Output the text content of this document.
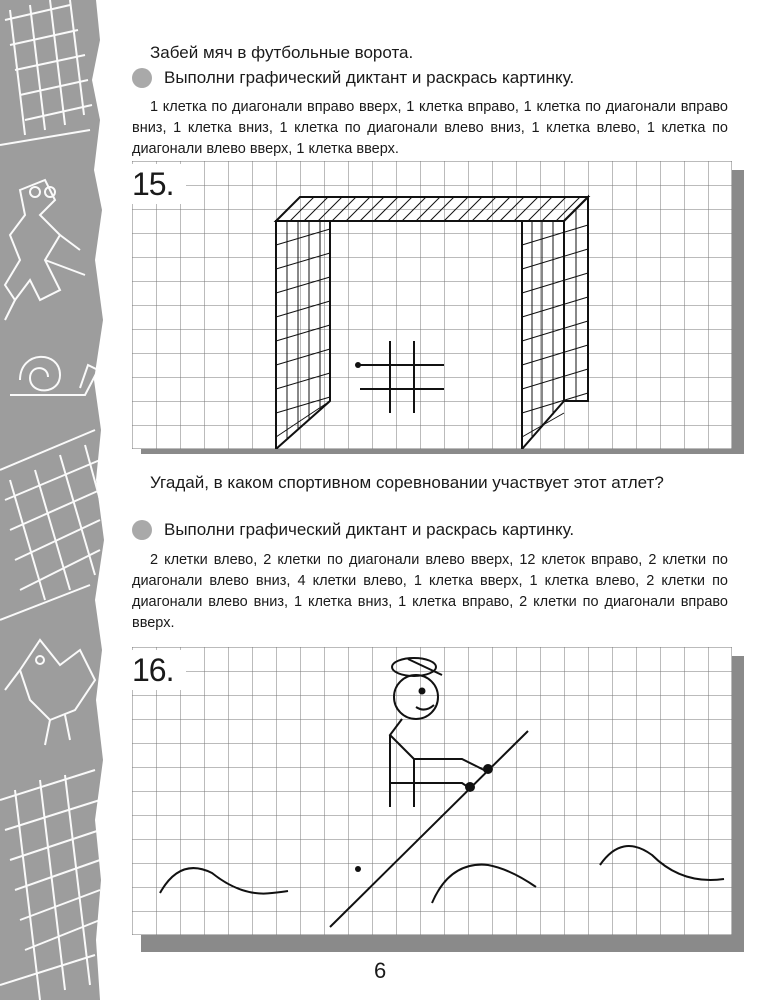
Забей мяч в футбольные ворота.

Выполни графический диктант и раскрась картинку.

1 клетка по диагонали вправо вверх, 1 клетка вправо, 1 клетка по диагонали вправо вниз, 1 клетка вниз, 1 клетка по диагонали влево вниз, 1 клетка влево, 1 клетка по диагонали влево вверх, 1 клетка вверх.

15.

Угадай, в каком спортивном соревновании участвует этот атлет?

Выполни графический диктант и раскрась картинку.

2 клетки влево, 2 клетки по диагонали влево вверх, 12 клеток вправо, 2 клетки по диагонали влево вниз, 4 клетки влево, 1 клетка вверх, 1 клетка влево, 2 клетки по диагонали влево вниз, 1 клетка вниз, 1 клетка вправо, 2 клетки по диагонали вправо вверх.

16.
6
